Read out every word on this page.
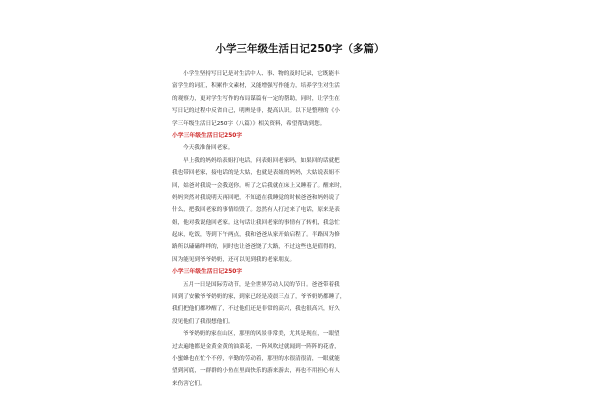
小学三年级生活日记250字（多篇）
小学生坚持写日记是对生活中人、事、物的及时记录，它既能丰
富学生的词汇，积累作文素材，又能增强写作能力，培养学生对生活
的观察力，更对学生写作的布局谋篇有一定的帮助，同时，让学生在
写日记的过程中反省自己，明辨是非，提高认识。以下是整理的《小
学三年级生活日记250字（八篇）》相关资料，希望帮助到您。
小学三年级生活日记250字
今天我准备回老家。
早上我的妈妈给表姐打电话，问表姐回老家吗，如果回的话就把
我也带回老家，接电话的是大姑，也就是表姐的妈妈，大姑说表姐不
回，姑爸对我说一会我送你。听了之后我就在床上又睡着了。醒来时，
妈妈突然对我说明天再回吧，不知道在我睡觉的时候爸爸和妈妈说了
什么，把我回老家的事情给毁了。忽然有人打过来了电话，原来是表
姐，他对我说他回老家。这句话让我回老家的事情有了转机，我急忙
起床，吃饭，等到下午两点，我和爸爸从家开始启程了。半路因为修
路所以磕磕绊绊的，同时也让爸爸饶了大路，不过这些也是值得的，
因为能见到爷爷奶奶，还可以见到我的老家朋友。
小学三年级生活日记250字
五月一日是国际劳动节，是全世界劳动人民的节日。爸爸带着我
回到了安徽爷爷奶奶的家，到家已经是凌晨三点了，爷爷奶奶都睡了，
我们把他们都吵醒了，不过他们还是非常的高兴，我也很高兴，好久
没见他们了我很想他们。
爷爷奶奶的家在山区，那里的风景非常美，尤其是现在，一眼望
过去遍地都是金黄金黄的油菜花，一阵风吹过就闻到一阵阵的花香，
小蜜蜂也在忙个不停，辛勤的劳动着，那里的水很清很清，一眼就能
望到河底，一群群的小鱼在里面快乐的游来游去，再也不用担心有人
来伤害它们。
